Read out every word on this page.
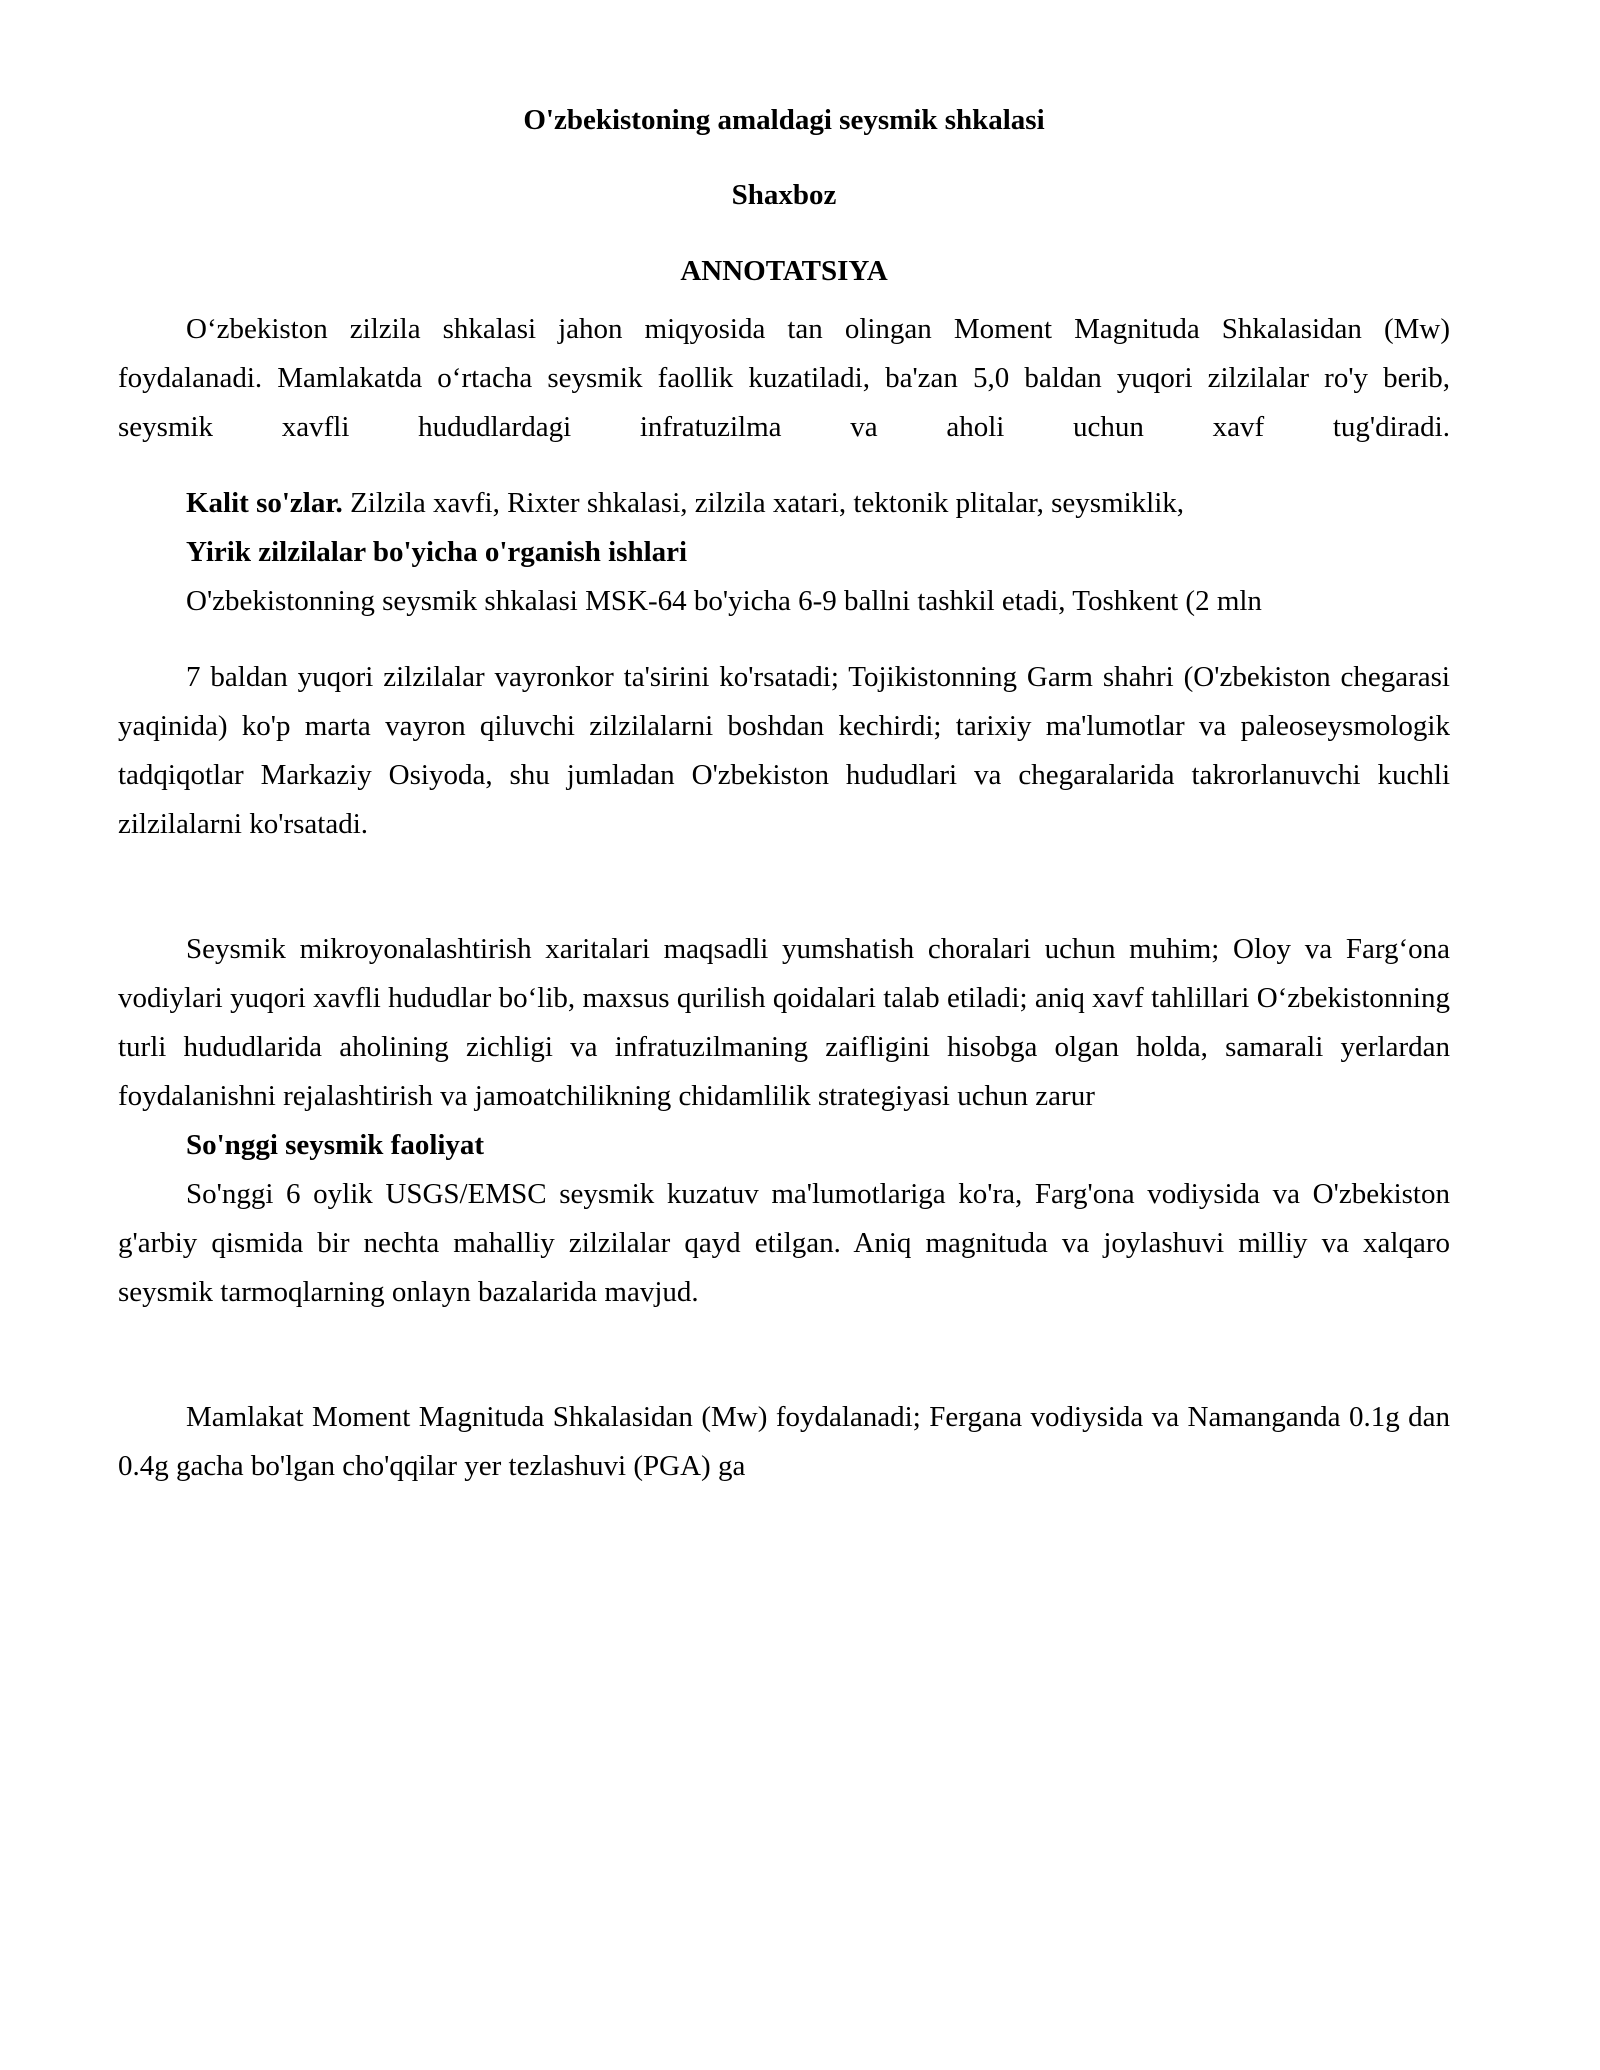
O'zbekistoning amaldagi seysmik shkalasi

Shaxboz

ANNOTATSIYA

O‘zbekiston zilzila shkalasi jahon miqyosida tan olingan Moment Magnituda Shkalasidan (Mw) foydalanadi. Mamlakatda o‘rtacha seysmik faollik kuzatiladi, ba'zan 5,0 baldan yuqori zilzilalar ro'y berib, seysmik xavfli hududlardagi infratuzilma va aholi uchun xavf tug'diradi.

Kalit so'zlar. Zilzila xavfi, Rixter shkalasi, zilzila xatari, tektonik plitalar, seysmiklik,

Yirik zilzilalar bo'yicha o'rganish ishlari

O'zbekistonning seysmik shkalasi MSK-64 bo'yicha 6-9 ballni tashkil etadi, Toshkent (2 mln

7 baldan yuqori zilzilalar vayronkor ta'sirini ko'rsatadi; Tojikistonning Garm shahri (O'zbekiston chegarasi yaqinida) ko'p marta vayron qiluvchi zilzilalarni boshdan kechirdi; tarixiy ma'lumotlar va paleoseysmologik tadqiqotlar Markaziy Osiyoda, shu jumladan O'zbekiston hududlari va chegaralarida takrorlanuvchi kuchli zilzilalarni ko'rsatadi.

Seysmik mikroyonalashtirish xaritalari maqsadli yumshatish choralari uchun muhim; Oloy va Farg‘ona vodiylari yuqori xavfli hududlar bo‘lib, maxsus qurilish qoidalari talab etiladi; aniq xavf tahlillari O‘zbekistonning turli hududlarida aholining zichligi va infratuzilmaning zaifligini hisobga olgan holda, samarali yerlardan foydalanishni rejalashtirish va jamoatchilikning chidamlilik strategiyasi uchun zarur

So'nggi seysmik faoliyat

So'nggi 6 oylik USGS/EMSC seysmik kuzatuv ma'lumotlariga ko'ra, Farg'ona vodiysida va O'zbekiston g'arbiy qismida bir nechta mahalliy zilzilalar qayd etilgan. Aniq magnituda va joylashuvi milliy va xalqaro seysmik tarmoqlarning onlayn bazalarida mavjud.

Mamlakat Moment Magnituda Shkalasidan (Mw) foydalanadi; Fergana vodiysida va Namanganda 0.1g dan 0.4g gacha bo'lgan cho'qqilar yer tezlashuvi (PGA) ga
